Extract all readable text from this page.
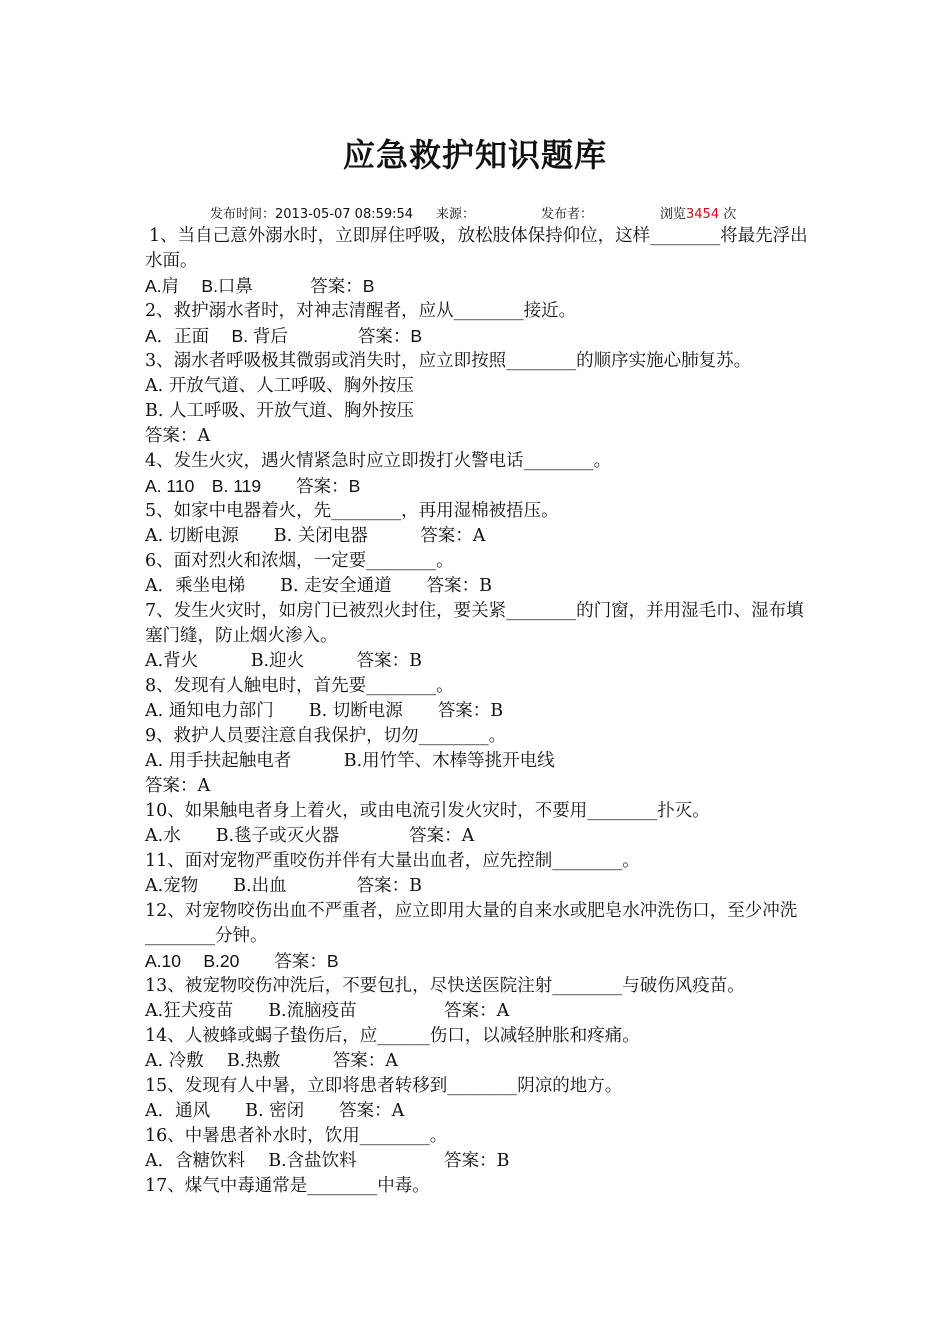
应急救护知识题库
发布时间：2013-05-07 08:59:54 来源：	发布者：	浏览3454 次
1、当自己意外溺水时，立即屏住呼吸，放松肢体保持仰位，这样________将最先浮出水面。
A.肩　 B.口鼻　　　 答案：B
2、救护溺水者时，对神志清醒者，应从________接近。
A．正面　 B. 背后　　　　答案：B
3、溺水者呼吸极其微弱或消失时，应立即按照________的顺序实施心肺复苏。
A. 开放气道、人工呼吸、胸外按压
B. 人工呼吸、开放气道、胸外按压
答案：A
4、发生火灾，遇火情紧急时应立即拨打火警电话________。
A. 110　B. 119　　答案：B
5、如家中电器着火，先________，再用湿棉被捂压。
A. 切断电源　　B. 关闭电器　　　答案：A
6、面对烈火和浓烟，一定要________。
A．乘坐电梯　　B. 走安全通道　　答案：B
7、发生火灾时，如房门已被烈火封住，要关紧________的门窗，并用湿毛巾、湿布填塞门缝，防止烟火渗入。
A.背火　　　B.迎火　　　答案：B
8、发现有人触电时，首先要________。
A. 通知电力部门　　B. 切断电源　　答案：B
9、救护人员要注意自我保护，切勿________。
A. 用手扶起触电者　　　B.用竹竿、木棒等挑开电线
答案：A
10、如果触电者身上着火，或由电流引发火灾时，不要用________扑灭。
A.水　　B.毯子或灭火器　　　　答案：A
11、面对宠物严重咬伤并伴有大量出血者，应先控制________。
A.宠物　　B.出血　　　　答案：B
12、对宠物咬伤出血不严重者，应立即用大量的自来水或肥皂水冲洗伤口，至少冲洗________分钟。
A.10　 B.20　　答案：B
13、被宠物咬伤冲洗后，不要包扎，尽快送医院注射________与破伤风疫苗。
A.狂犬疫苗　　B.流脑疫苗　　　　　答案：A
14、人被蜂或蝎子蛰伤后，应______伤口，以减轻肿胀和疼痛。
A. 冷敷　 B.热敷　　　答案：A
15、发现有人中暑，立即将患者转移到________阴凉的地方。
A．通风　　B. 密闭　　答案：A
16、中暑患者补水时，饮用________。
A．含糖饮料　 B.含盐饮料　　　　　答案：B
17、煤气中毒通常是________中毒。
